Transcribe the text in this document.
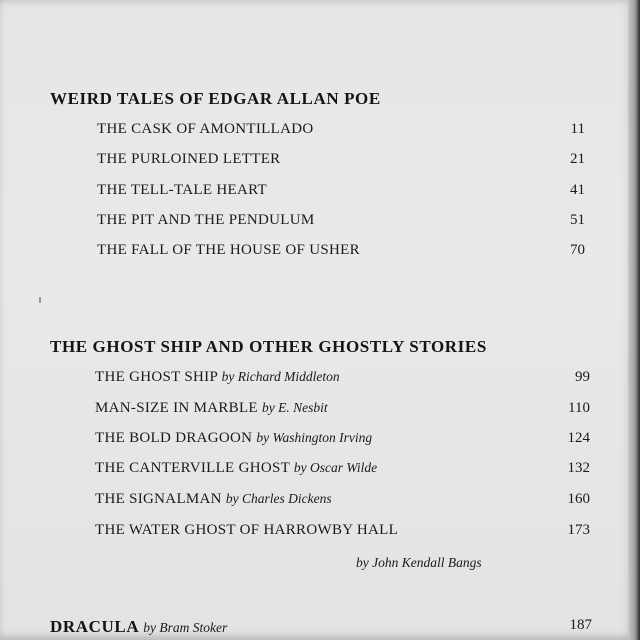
WEIRD TALES OF EDGAR ALLAN POE
THE CASK OF AMONTILLADO	11
THE PURLOINED LETTER	21
THE TELL-TALE HEART	41
THE PIT AND THE PENDULUM	51
THE FALL OF THE HOUSE OF USHER	70
THE GHOST SHIP AND OTHER GHOSTLY STORIES
THE GHOST SHIP by Richard Middleton	99
MAN-SIZE IN MARBLE by E. Nesbit	110
THE BOLD DRAGOON by Washington Irving	124
THE CANTERVILLE GHOST by Oscar Wilde	132
THE SIGNALMAN by Charles Dickens	160
THE WATER GHOST OF HARROWBY HALL	173
by John Kendall Bangs
DRACULA by Bram Stoker	187
